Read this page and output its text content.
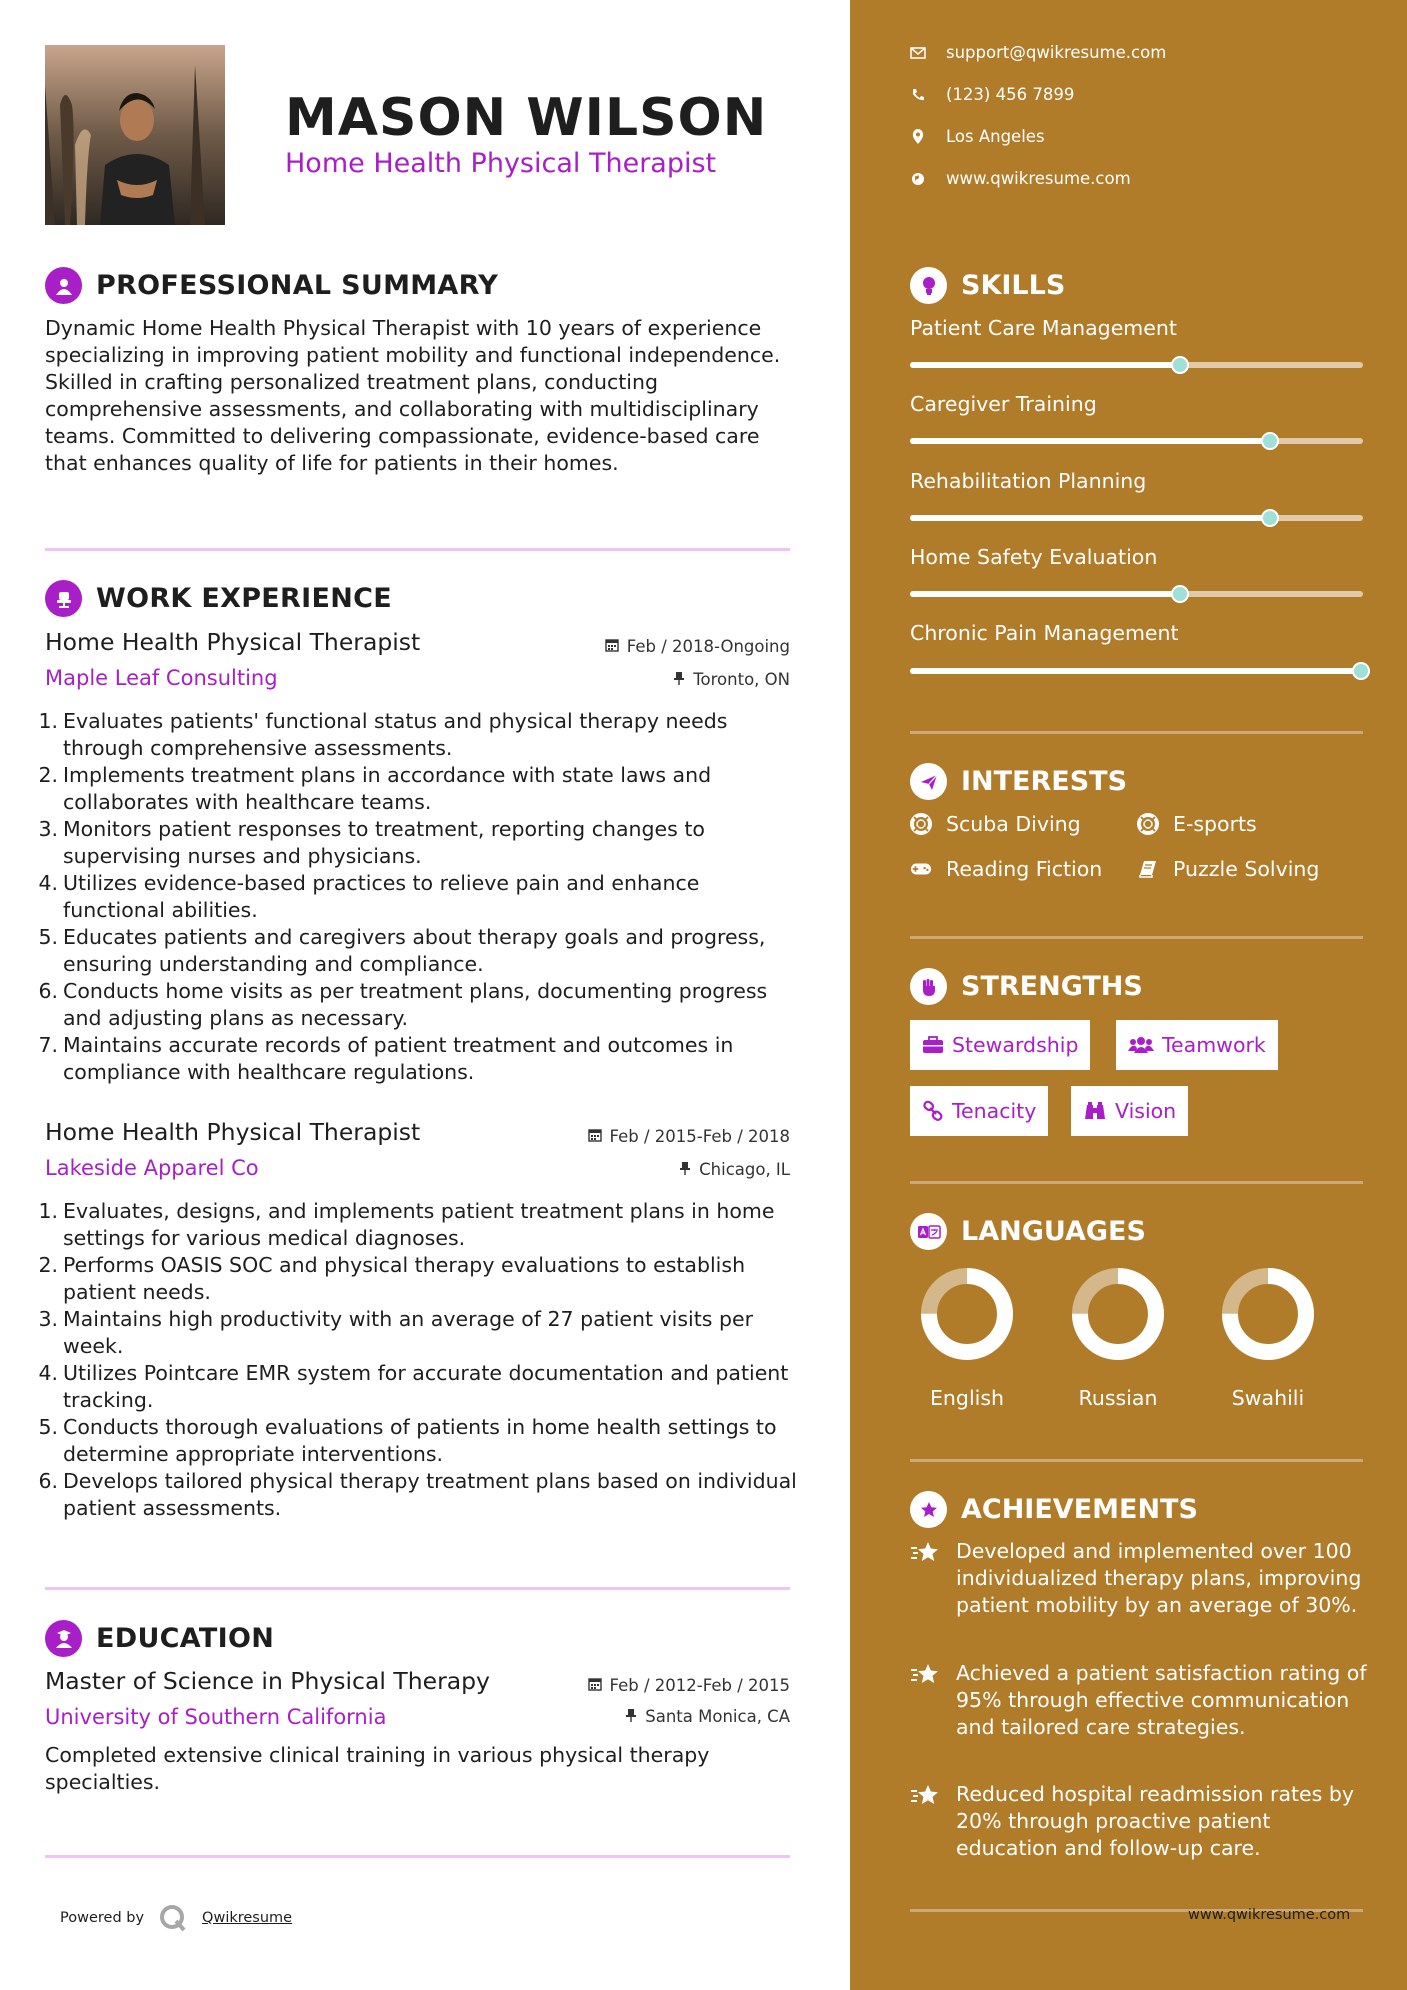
MASON WILSON
Home Health Physical Therapist
PROFESSIONAL SUMMARY
Dynamic Home Health Physical Therapist with 10 years of experience specializing in improving patient mobility and functional independence. Skilled in crafting personalized treatment plans, conducting comprehensive assessments, and collaborating with multidisciplinary teams. Committed to delivering compassionate, evidence-based care that enhances quality of life for patients in their homes.
WORK EXPERIENCE
Home Health Physical Therapist	Feb / 2018-Ongoing
Maple Leaf Consulting	Toronto, ON
1. Evaluates patients' functional status and physical therapy needs through comprehensive assessments.
2. Implements treatment plans in accordance with state laws and collaborates with healthcare teams.
3. Monitors patient responses to treatment, reporting changes to supervising nurses and physicians.
4. Utilizes evidence-based practices to relieve pain and enhance functional abilities.
5. Educates patients and caregivers about therapy goals and progress, ensuring understanding and compliance.
6. Conducts home visits as per treatment plans, documenting progress and adjusting plans as necessary.
7. Maintains accurate records of patient treatment and outcomes in compliance with healthcare regulations.
Home Health Physical Therapist	Feb / 2015-Feb / 2018
Lakeside Apparel Co	Chicago, IL
1. Evaluates, designs, and implements patient treatment plans in home settings for various medical diagnoses.
2. Performs OASIS SOC and physical therapy evaluations to establish patient needs.
3. Maintains high productivity with an average of 27 patient visits per week.
4. Utilizes Pointcare EMR system for accurate documentation and patient tracking.
5. Conducts thorough evaluations of patients in home health settings to determine appropriate interventions.
6. Develops tailored physical therapy treatment plans based on individual patient assessments.
EDUCATION
Master of Science in Physical Therapy	Feb / 2012-Feb / 2015
University of Southern California	Santa Monica, CA
Completed extensive clinical training in various physical therapy specialties.
Powered by	Qwikresume
support@qwikresume.com
(123) 456 7899
Los Angeles
www.qwikresume.com
SKILLS
Patient Care Management
Caregiver Training
Rehabilitation Planning
Home Safety Evaluation
Chronic Pain Management
INTERESTS
Scuba Diving	E-sports
Reading Fiction	Puzzle Solving
STRENGTHS
Stewardship	Teamwork
Tenacity	Vision
LANGUAGES
English	Russian	Swahili
ACHIEVEMENTS
Developed and implemented over 100 individualized therapy plans, improving patient mobility by an average of 30%.
Achieved a patient satisfaction rating of 95% through effective communication and tailored care strategies.
Reduced hospital readmission rates by 20% through proactive patient education and follow-up care.
www.qwikresume.com
